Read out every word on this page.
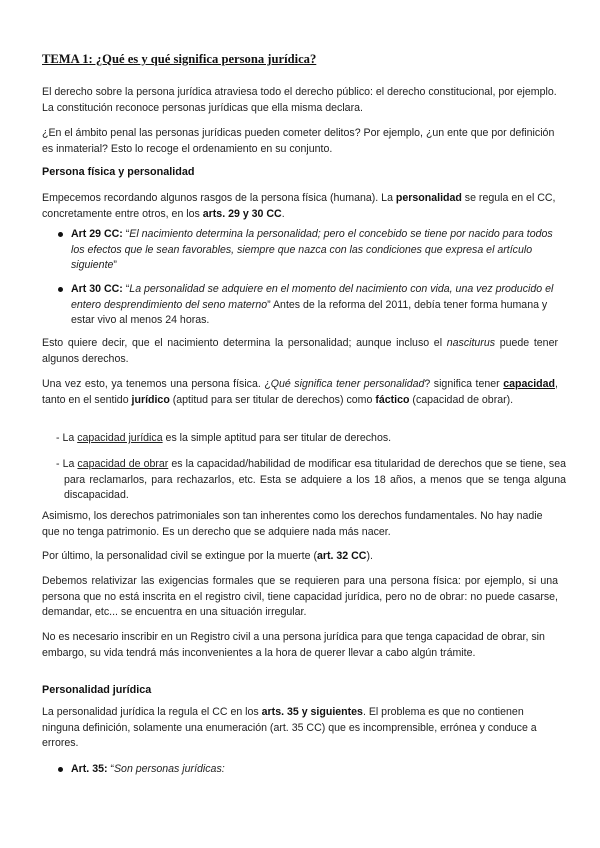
TEMA 1: ¿Qué es y qué significa persona jurídica?

El derecho sobre la persona jurídica atraviesa todo el derecho público: el derecho constitucional, por ejemplo. La constitución reconoce personas jurídicas que ella misma declara.

¿En el ámbito penal las personas jurídicas pueden cometer delitos? Por ejemplo, ¿un ente que por definición es inmaterial? Esto lo recoge el ordenamiento en su conjunto.

Persona física y personalidad

Empecemos recordando algunos rasgos de la persona física (humana). La personalidad se regula en el CC, concretamente entre otros, en los arts. 29 y 30 CC.

Art 29 CC: “El nacimiento determina la personalidad; pero el concebido se tiene por nacido para todos los efectos que le sean favorables, siempre que nazca con las condiciones que expresa el artículo siguiente”
Art 30 CC: “La personalidad se adquiere en el momento del nacimiento con vida, una vez producido el entero desprendimiento del seno materno” Antes de la reforma del 2011, debía tener forma humana y estar vivo al menos 24 horas.

Esto quiere decir, que el nacimiento determina la personalidad; aunque incluso el nasciturus puede tener algunos derechos.

Una vez esto, ya tenemos una persona física. ¿Qué significa tener personalidad? significa tener capacidad, tanto en el sentido jurídico (aptitud para ser titular de derechos) como fáctico (capacidad de obrar).

- La capacidad jurídica es la simple aptitud para ser titular de derechos.

- La capacidad de obrar es la capacidad/habilidad de modificar esa titularidad de derechos que se tiene, sea para reclamarlos, para rechazarlos, etc. Esta se adquiere a los 18 años, a menos que se tenga alguna discapacidad.

Asimismo, los derechos patrimoniales son tan inherentes como los derechos fundamentales. No hay nadie que no tenga patrimonio. Es un derecho que se adquiere nada más nacer.

Por último, la personalidad civil se extingue por la muerte (art. 32 CC).

Debemos relativizar las exigencias formales que se requieren para una persona física: por ejemplo, si una persona que no está inscrita en el registro civil, tiene capacidad jurídica, pero no de obrar: no puede casarse, demandar, etc... se encuentra en una situación irregular.

No es necesario inscribir en un Registro civil a una persona jurídica para que tenga capacidad de obrar, sin embargo, su vida tendrá más inconvenientes a la hora de querer llevar a cabo algún trámite.

Personalidad jurídica

La personalidad jurídica la regula el CC en los arts. 35 y siguientes. El problema es que no contienen ninguna definición, solamente una enumeración (art. 35 CC) que es incomprensible, errónea y conduce a errores.

Art. 35: “Son personas jurídicas:
